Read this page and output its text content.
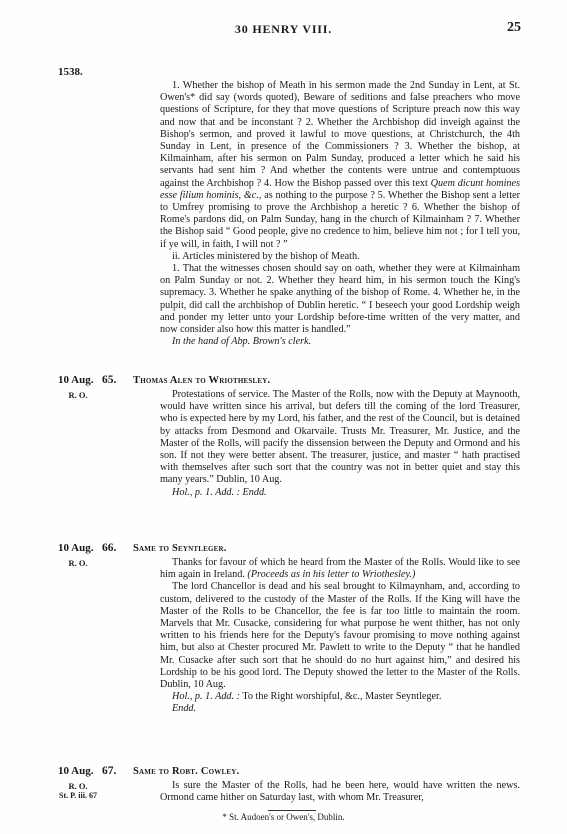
30 HENRY VIII.	25
1538.

1. Whether the bishop of Meath in his sermon made the 2nd Sunday in Lent, at St. Owen's* did say (words quoted), Beware of seditions and false preachers who move questions of Scripture, for they that move questions of Scripture preach now this way and now that and be inconstant ? 2. Whether the Archbishop did inveigh against the Bishop's sermon, and proved it lawful to move questions, at Christchurch, the 4th Sunday in Lent, in presence of the Commissioners ? 3. Whether the bishop, at Kilmainham, after his sermon on Palm Sunday, produced a letter which he said his servants had sent him ? And whether the contents were untrue and contemptuous against the Archbishop ? 4. How the Bishop passed over this text Quem dicunt homines esse filium hominis, &c., as nothing to the purpose ? 5. Whether the Bishop sent a letter to Umfrey promising to prove the Archbishop a heretic ? 6. Whether the bishop of Rome's pardons did, on Palm Sunday, hang in the church of Kilmainham ? 7. Whether the Bishop said “ Good people, give no credence to him, believe him not ; for I tell you, if ye will, in faith, I will not ? ”

ii. Articles ministered by the bishop of Meath.

1. That the witnesses chosen should say on oath, whether they were at Kilmainham on Palm Sunday or not. 2. Whether they heard him, in his sermon touch the King's supremacy. 3. Whether he spake anything of the bishop of Rome. 4. Whether he, in the pulpit, did call the archbishop of Dublin heretic. “ I beseech your good Lordship weigh and ponder my letter unto your Lordship before-time written of the very matter, and now consider also how this matter is handled.”

In the hand of Abp. Brown's clerk.

10 Aug. 65. Thomas Alen to Wriothesley.
R. O.	Protestations of service. The Master of the Rolls, now with the Deputy at Maynooth, would have written since his arrival, but defers till the coming of the lord Treasurer, who is expected here by my Lord, his father, and the rest of the Council, but is detained by attacks from Desmond and Okarvaile. Trusts Mr. Treasurer, Mr. Justice, and the Master of the Rolls, will pacify the dissension between the Deputy and Ormond and his son. If not they were better absent. The treasurer, justice, and master “ hath practised with themselves after such sort that the country was not in better quiet and stay this many years.” Dublin, 10 Aug.

Hol., p. 1. Add. : Endd.

10 Aug. 66. Same to Seyntleger.
R. O.	Thanks for favour of which he heard from the Master of the Rolls. Would like to see him again in Ireland. (Proceeds as in his letter to Wriothesley.)

The lord Chancellor is dead and his seal brought to Kilmaynham, and, according to custom, delivered to the custody of the Master of the Rolls. If the King will have the Master of the Rolls to be Chancellor, the fee is far too little to maintain the room. Marvels that Mr. Cusacke, considering for what purpose he went thither, has not only written to his friends here for the Deputy's favour promising to move nothing against him, but also at Chester procured Mr. Pawlett to write to the Deputy “ that he handled Mr. Cusacke after such sort that he should do no hurt against him,” and desired his Lordship to be his good lord. The Deputy showed the letter to the Master of the Rolls. Dublin, 10 Aug.

Hol., p. 1. Add. : To the Right worshipful, &c., Master Seyntleger.

Endd.

10 Aug. 67. Same to Robt. Cowley.
R. O.
St. P. iii. 67

Is sure the Master of the Rolls, had he been here, would have written the news. Ormond came hither on Saturday last, with whom Mr. Treasurer,

* St. Audoen's or Owen's, Dublin.
